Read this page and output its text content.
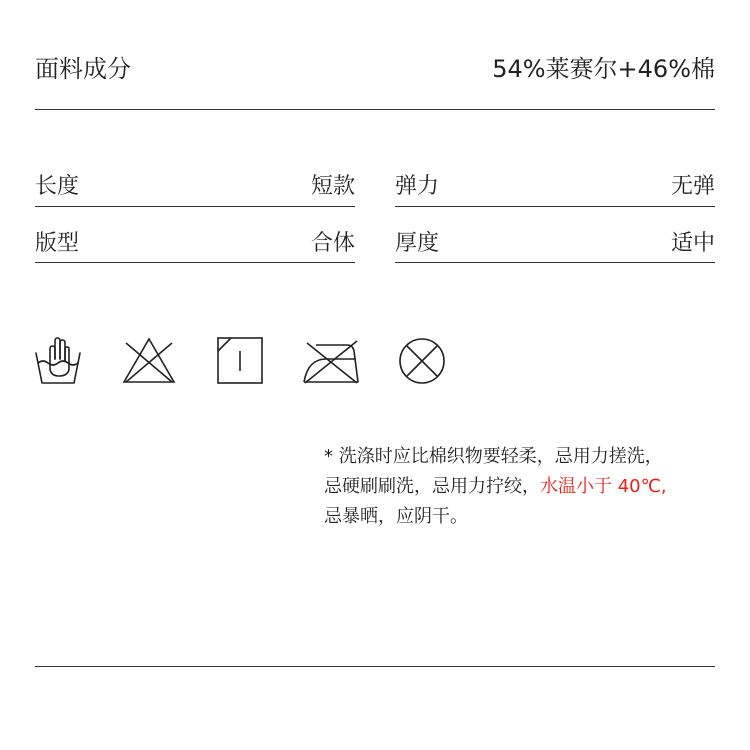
面料成分	54%莱赛尔+46%棉
长度	短款 弹力	无弹
版型	合体 厚度	适中
* 洗涤时应比棉织物要轻柔，忌用力搓洗，
忌硬刷刷洗，忌用力拧绞，水温小于 40℃,
忌暴晒，应阴干。
